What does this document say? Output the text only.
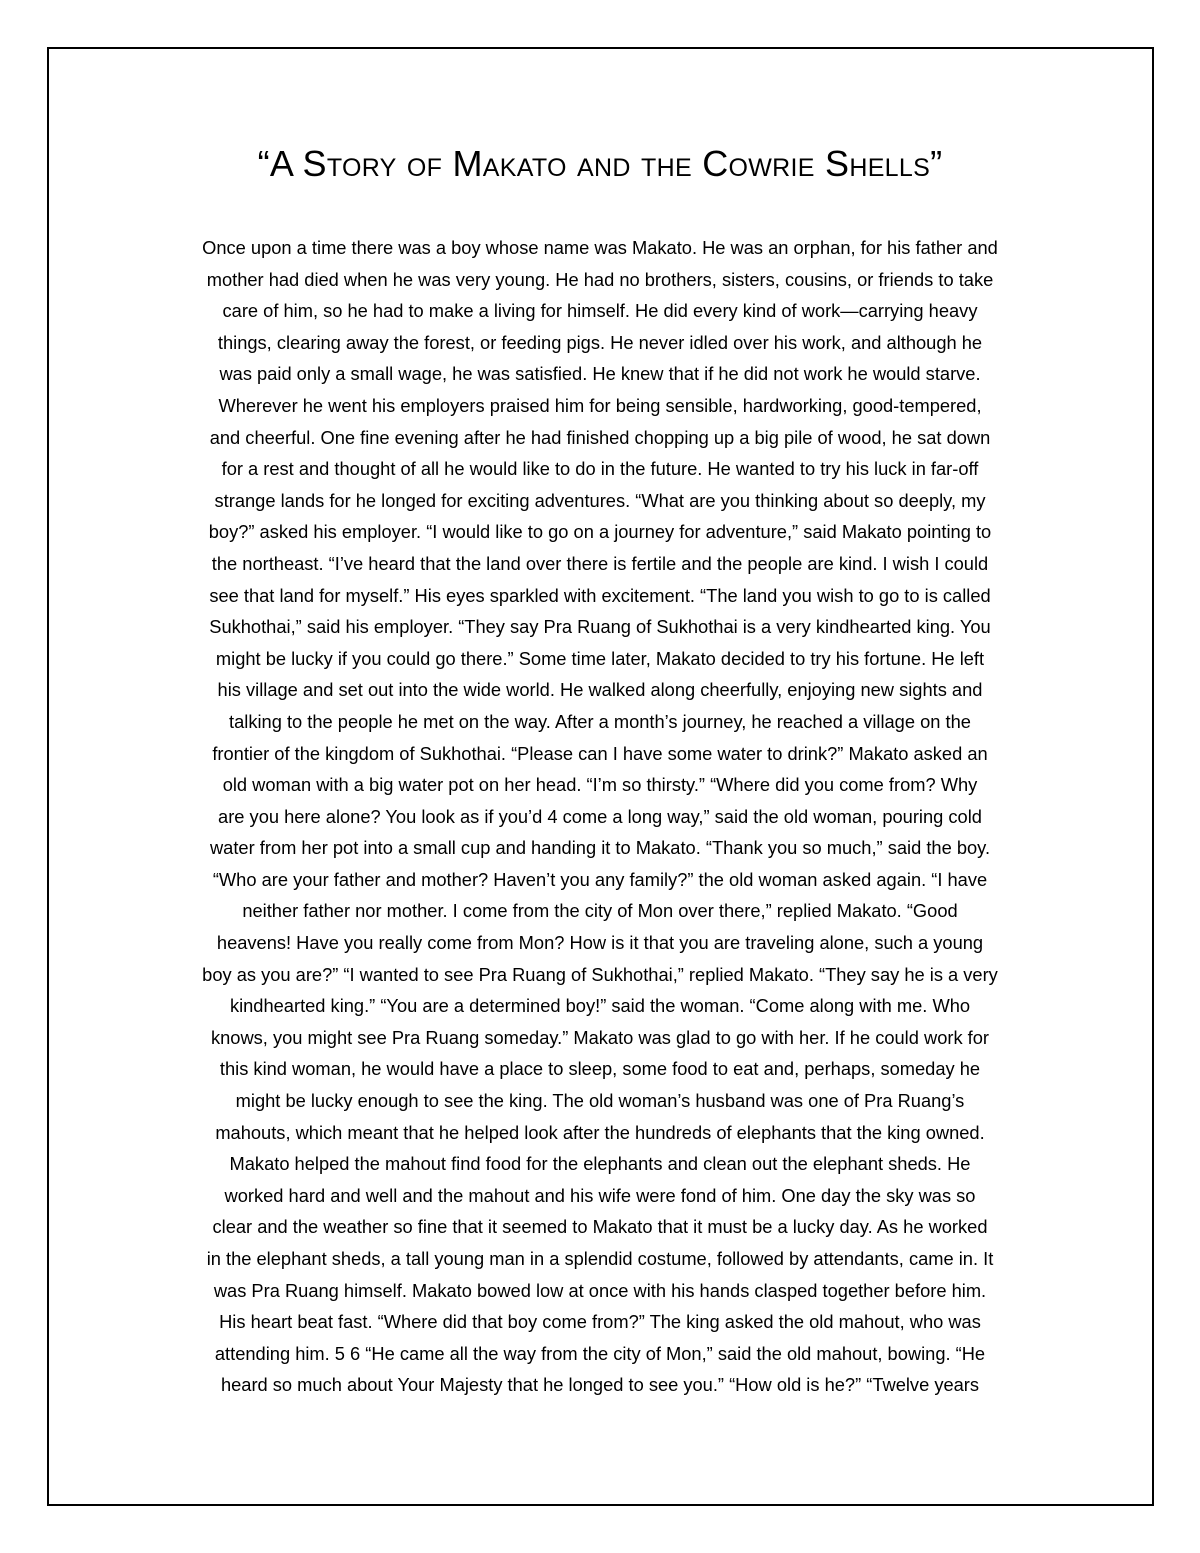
“A Story of Makato and the Cowrie Shells”
Once upon a time there was a boy whose name was Makato. He was an orphan, for his father and
mother had died when he was very young. He had no brothers, sisters, cousins, or friends to take
care of him, so he had to make a living for himself. He did every kind of work—carrying heavy
things, clearing away the forest, or feeding pigs. He never idled over his work, and although he
was paid only a small wage, he was satisfied. He knew that if he did not work he would starve.
Wherever he went his employers praised him for being sensible, hardworking, good-tempered,
and cheerful. One fine evening after he had finished chopping up a big pile of wood, he sat down
for a rest and thought of all he would like to do in the future. He wanted to try his luck in far-off
strange lands for he longed for exciting adventures. “What are you thinking about so deeply, my
boy?” asked his employer. “I would like to go on a journey for adventure,” said Makato pointing to
the northeast. “I’ve heard that the land over there is fertile and the people are kind. I wish I could
see that land for myself.” His eyes sparkled with excitement. “The land you wish to go to is called
Sukhothai,” said his employer. “They say Pra Ruang of Sukhothai is a very kindhearted king. You
might be lucky if you could go there.” Some time later, Makato decided to try his fortune. He left
his village and set out into the wide world. He walked along cheerfully, enjoying new sights and
talking to the people he met on the way. After a month’s journey, he reached a village on the
frontier of the kingdom of Sukhothai. “Please can I have some water to drink?” Makato asked an
old woman with a big water pot on her head. “I’m so thirsty.” “Where did you come from? Why
are you here alone? You look as if you’d 4 come a long way,” said the old woman, pouring cold
water from her pot into a small cup and handing it to Makato. “Thank you so much,” said the boy.
“Who are your father and mother? Haven’t you any family?” the old woman asked again. “I have
neither father nor mother. I come from the city of Mon over there,” replied Makato. “Good
heavens! Have you really come from Mon? How is it that you are traveling alone, such a young
boy as you are?” “I wanted to see Pra Ruang of Sukhothai,” replied Makato. “They say he is a very
kindhearted king.” “You are a determined boy!” said the woman. “Come along with me. Who
knows, you might see Pra Ruang someday.” Makato was glad to go with her. If he could work for
this kind woman, he would have a place to sleep, some food to eat and, perhaps, someday he
might be lucky enough to see the king. The old woman’s husband was one of Pra Ruang’s
mahouts, which meant that he helped look after the hundreds of elephants that the king owned.
Makato helped the mahout find food for the elephants and clean out the elephant sheds. He
worked hard and well and the mahout and his wife were fond of him. One day the sky was so
clear and the weather so fine that it seemed to Makato that it must be a lucky day. As he worked
in the elephant sheds, a tall young man in a splendid costume, followed by attendants, came in. It
was Pra Ruang himself. Makato bowed low at once with his hands clasped together before him.
His heart beat fast. “Where did that boy come from?” The king asked the old mahout, who was
attending him. 5 6 “He came all the way from the city of Mon,” said the old mahout, bowing. “He
heard so much about Your Majesty that he longed to see you.” “How old is he?” “Twelve years
